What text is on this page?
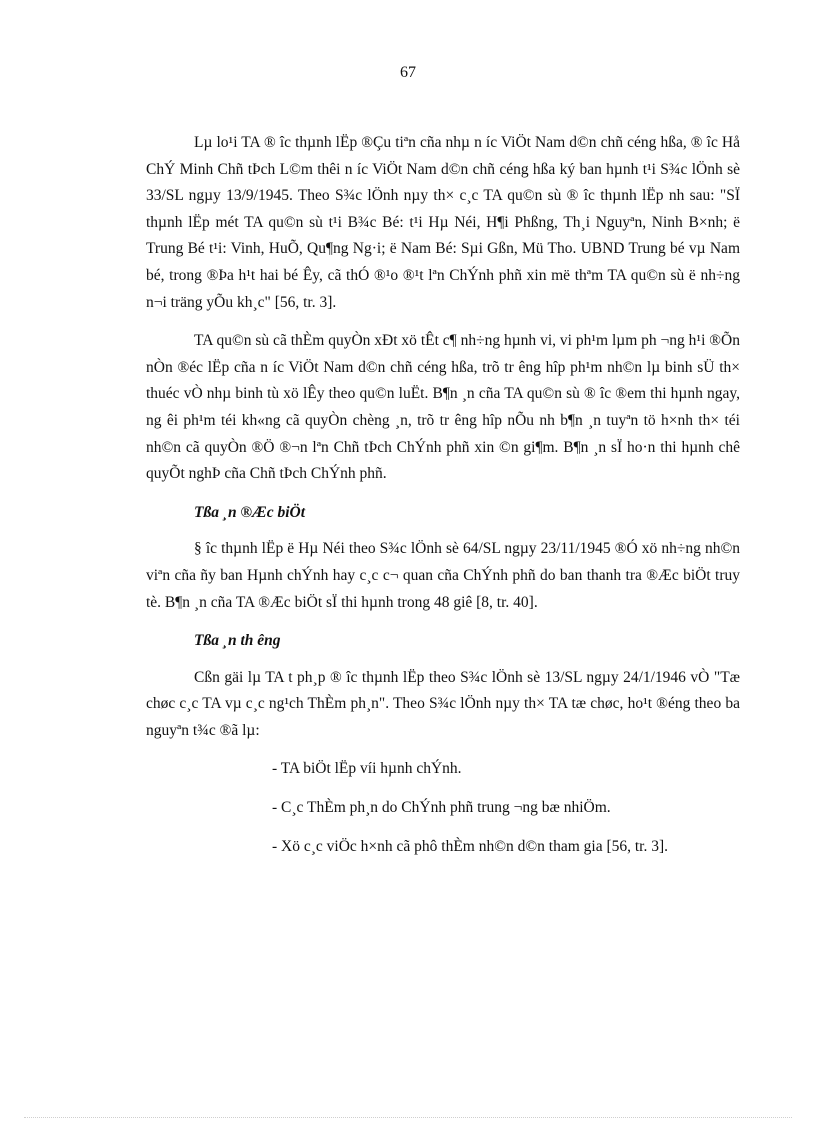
67

Lµ lo¹i TA ® îc thµnh lËp ®Çu tiªn cña nhµ n íc ViÖt Nam d©n chñ céng hßa, ® îc Hå ChÝ Minh Chñ tÞch L©m thêi n íc ViÖt Nam d©n chñ céng hßa ký ban hµnh t¹i S¾c lÖnh sè 33/SL ngµy 13/9/1945. Theo S¾c lÖnh nµy th× c¸c TA qu©n sù ® îc thµnh lËp nh sau: "SÏ thµnh lËp mét TA qu©n sù t¹i B¾c Bé: t¹i Hµ Néi, H¶i Phßng, Th¸i Nguyªn, Ninh B×nh; ë Trung Bé t¹i: Vinh, HuÕ, Qu¶ng Ng·i; ë Nam Bé: Sµi Gßn, Mü Tho. UBND Trung bé vµ Nam bé, trong ®Þa h¹t hai bé Êy, cã thÓ ®¹o ®¹t lªn ChÝnh phñ xin më thªm TA qu©n sù ë nh÷ng n¬i träng yÕu kh¸c" [56, tr. 3].

TA qu©n sù cã thÈm quyÒn xÐt xö tÊt c¶ nh÷ng hµnh vi, vi ph¹m lµm ph ¬ng h¹i ®Õn nÒn ®éc lËp cña n íc ViÖt Nam d©n chñ céng hßa, trõ tr êng hîp ph¹m nh©n lµ binh sÜ th× thuéc vÒ nhµ binh tù xö lÊy theo qu©n luËt. B¶n ¸n cña TA qu©n sù ® îc ®em thi hµnh ngay, ng êi ph¹m téi kh«ng cã quyÒn chèng ¸n, trõ tr êng hîp nÕu nh b¶n ¸n tuyªn tö h×nh th× téi nh©n cã quyÒn ®Ö ®¬n lªn Chñ tÞch ChÝnh phñ xin ©n gi¶m. B¶n ¸n sÏ ho·n thi hµnh chê quyÕt nghÞ cña Chñ tÞch ChÝnh phñ.

Tßa ¸n ®Æc biÖt

§ îc thµnh lËp ë Hµ Néi theo S¾c lÖnh sè 64/SL ngµy 23/11/1945 ®Ó xö nh÷ng nh©n viªn cña ñy ban Hµnh chÝnh hay c¸c c¬ quan cña ChÝnh phñ do ban thanh tra ®Æc biÖt truy tè. B¶n ¸n cña TA ®Æc biÖt sÏ thi hµnh trong 48 giê [8, tr. 40].

Tßa ¸n th êng

Cßn gäi lµ TA t ph¸p ® îc thµnh lËp theo S¾c lÖnh sè 13/SL ngµy 24/1/1946 vÒ "Tæ chøc c¸c TA vµ c¸c ng¹ch ThÈm ph¸n". Theo S¾c lÖnh nµy th× TA tæ chøc, ho¹t ®éng theo ba nguyªn t¾c ®ã lµ:

- TA biÖt lËp víi hµnh chÝnh.
- C¸c ThÈm ph¸n do ChÝnh phñ trung ¬ng bæ nhiÖm.
- Xö c¸c viÖc h×nh cã phô thÈm nh©n d©n tham gia [56, tr. 3].
